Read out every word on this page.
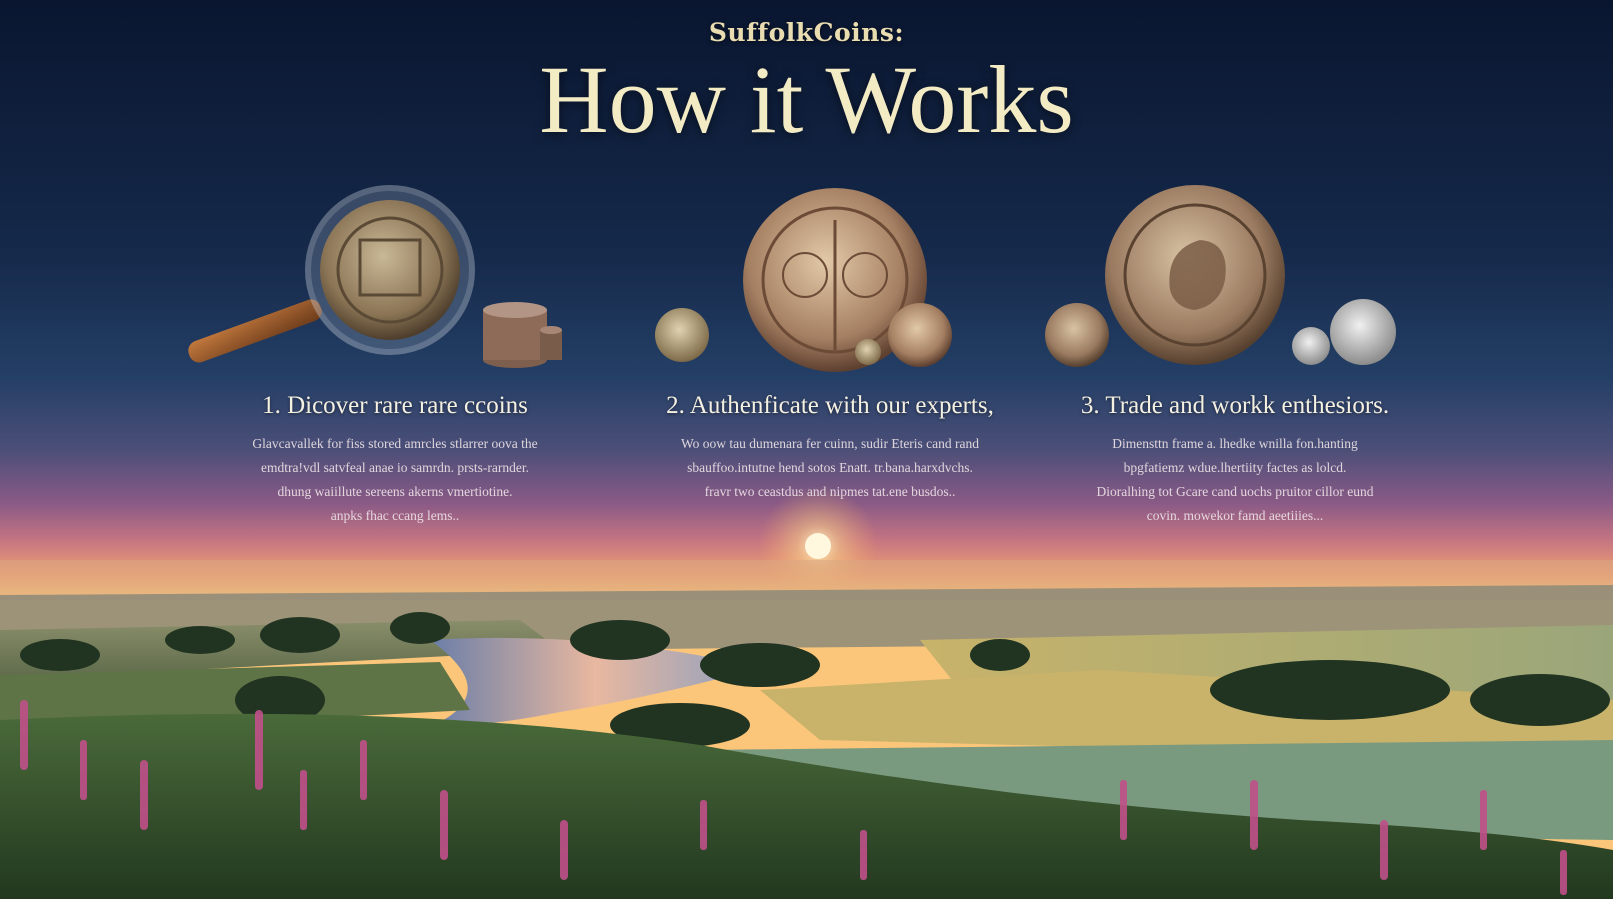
SuffolkCoins:
How it Works
1. Dicover rare rare ccoins
Glavcavallek for fiss stored amrcles stlarrer oova the
emdtra!vdl satvfeal anae io samrdn. prsts-rarnder.
dhung waiillute sereens akerns vmertiotine.
anpks fhac ccang lems..
2. Authenficate with our experts,
Wo oow tau dumenara fer cuinn, sudir Eteris cand rand
sbauffoo.intutne hend sotos Enatt. tr.bana.harxdvchs.
fravr two ceastdus and nipmes tat.ene busdos..
3. Trade and workk enthesiors.
Dimensttn frame a. lhedke wnilla fon.hanting
bpgfatiemz wdue.lhertiity factes as lolcd.
Dioralhing tot Gcare cand uochs pruitor cillor eund
covin. mowekor famd aeetiiies...
